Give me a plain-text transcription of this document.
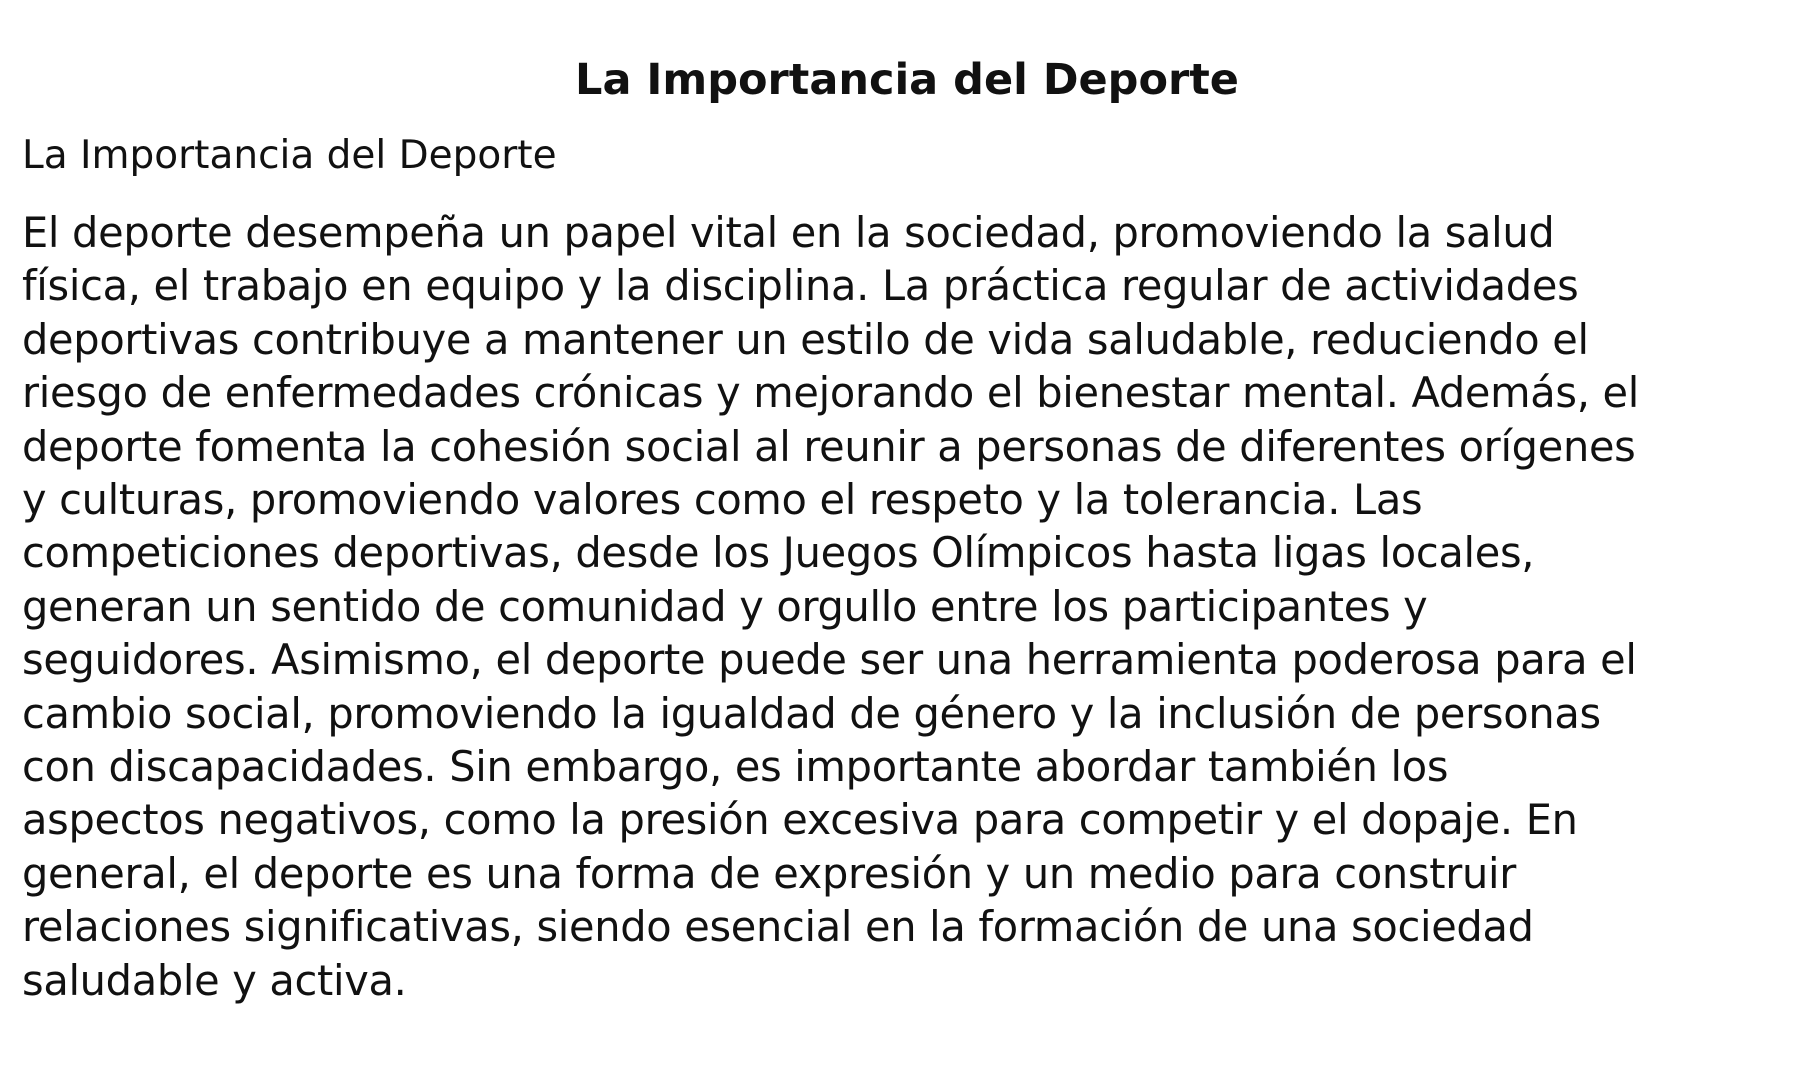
La Importancia del Deporte
La Importancia del Deporte

El deporte desempeña un papel vital en la sociedad, promoviendo la salud
física, el trabajo en equipo y la disciplina. La práctica regular de actividades
deportivas contribuye a mantener un estilo de vida saludable, reduciendo el
riesgo de enfermedades crónicas y mejorando el bienestar mental. Además, el
deporte fomenta la cohesión social al reunir a personas de diferentes orígenes
y culturas, promoviendo valores como el respeto y la tolerancia. Las
competiciones deportivas, desde los Juegos Olímpicos hasta ligas locales,
generan un sentido de comunidad y orgullo entre los participantes y
seguidores. Asimismo, el deporte puede ser una herramienta poderosa para el
cambio social, promoviendo la igualdad de género y la inclusión de personas
con discapacidades. Sin embargo, es importante abordar también los
aspectos negativos, como la presión excesiva para competir y el dopaje. En
general, el deporte es una forma de expresión y un medio para construir
relaciones significativas, siendo esencial en la formación de una sociedad
saludable y activa.
